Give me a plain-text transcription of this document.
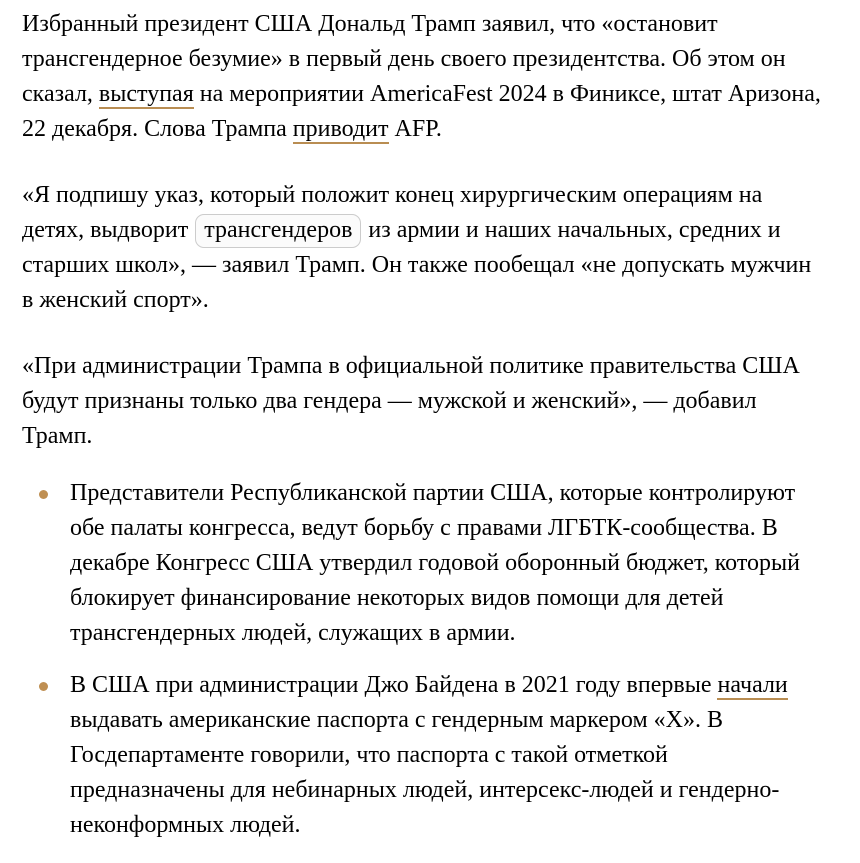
Избранный президент США Дональд Трамп заявил, что «остановит трансгендерное безумие» в первый день своего президентства. Об этом он сказал, выступая на мероприятии AmericaFest 2024 в Финиксе, штат Аризона, 22 декабря. Слова Трампа приводит AFP.

«Я подпишу указ, который положит конец хирургическим операциям на детях, выдворит трансгендеров из армии и наших начальных, средних и старших школ», — заявил Трамп. Он также пообещал «не допускать мужчин в женский спорт».

«При администрации Трампа в официальной политике правительства США будут признаны только два гендера — мужской и женский», — добавил Трамп.

Представители Республиканской партии США, которые контролируют обе палаты конгресса, ведут борьбу с правами ЛГБТК-сообщества. В декабре Конгресс США утвердил годовой оборонный бюджет, который блокирует финансирование некоторых видов помощи для детей трансгендерных людей, служащих в армии.
В США при администрации Джо Байдена в 2021 году впервые начали выдавать американские паспорта с гендерным маркером «X». В Госдепартаменте говорили, что паспорта с такой отметкой предназначены для небинарных людей, интерсекс-людей и гендерно-неконформных людей.
